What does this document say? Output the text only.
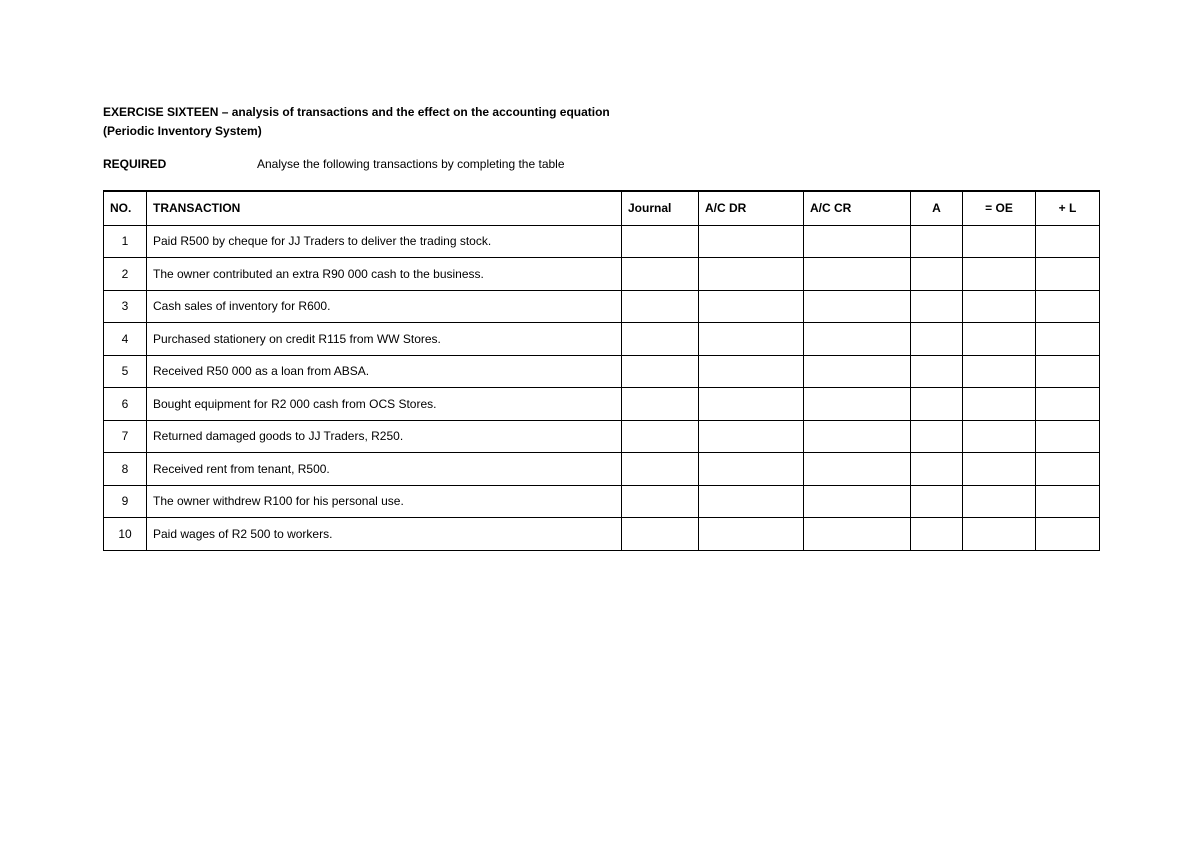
EXERCISE SIXTEEN – analysis of transactions and the effect on the accounting equation
(Periodic Inventory System)
REQUIRED	Analyse the following transactions by completing the table
NO.	TRANSACTION	Journal	A/C DR	A/C CR	A	= OE	+ L
1	Paid R500 by cheque for JJ Traders to deliver the trading stock.						
2	The owner contributed an extra R90 000 cash to the business.						
3	Cash sales of inventory for R600.						
4	Purchased stationery on credit R115 from WW Stores.						
5	Received R50 000 as a loan from ABSA.						
6	Bought equipment for R2 000 cash from OCS Stores.						
7	Returned damaged goods to JJ Traders, R250.						
8	Received rent from tenant, R500.						
9	The owner withdrew R100 for his personal use.						
10	Paid wages of R2 500 to workers.						
